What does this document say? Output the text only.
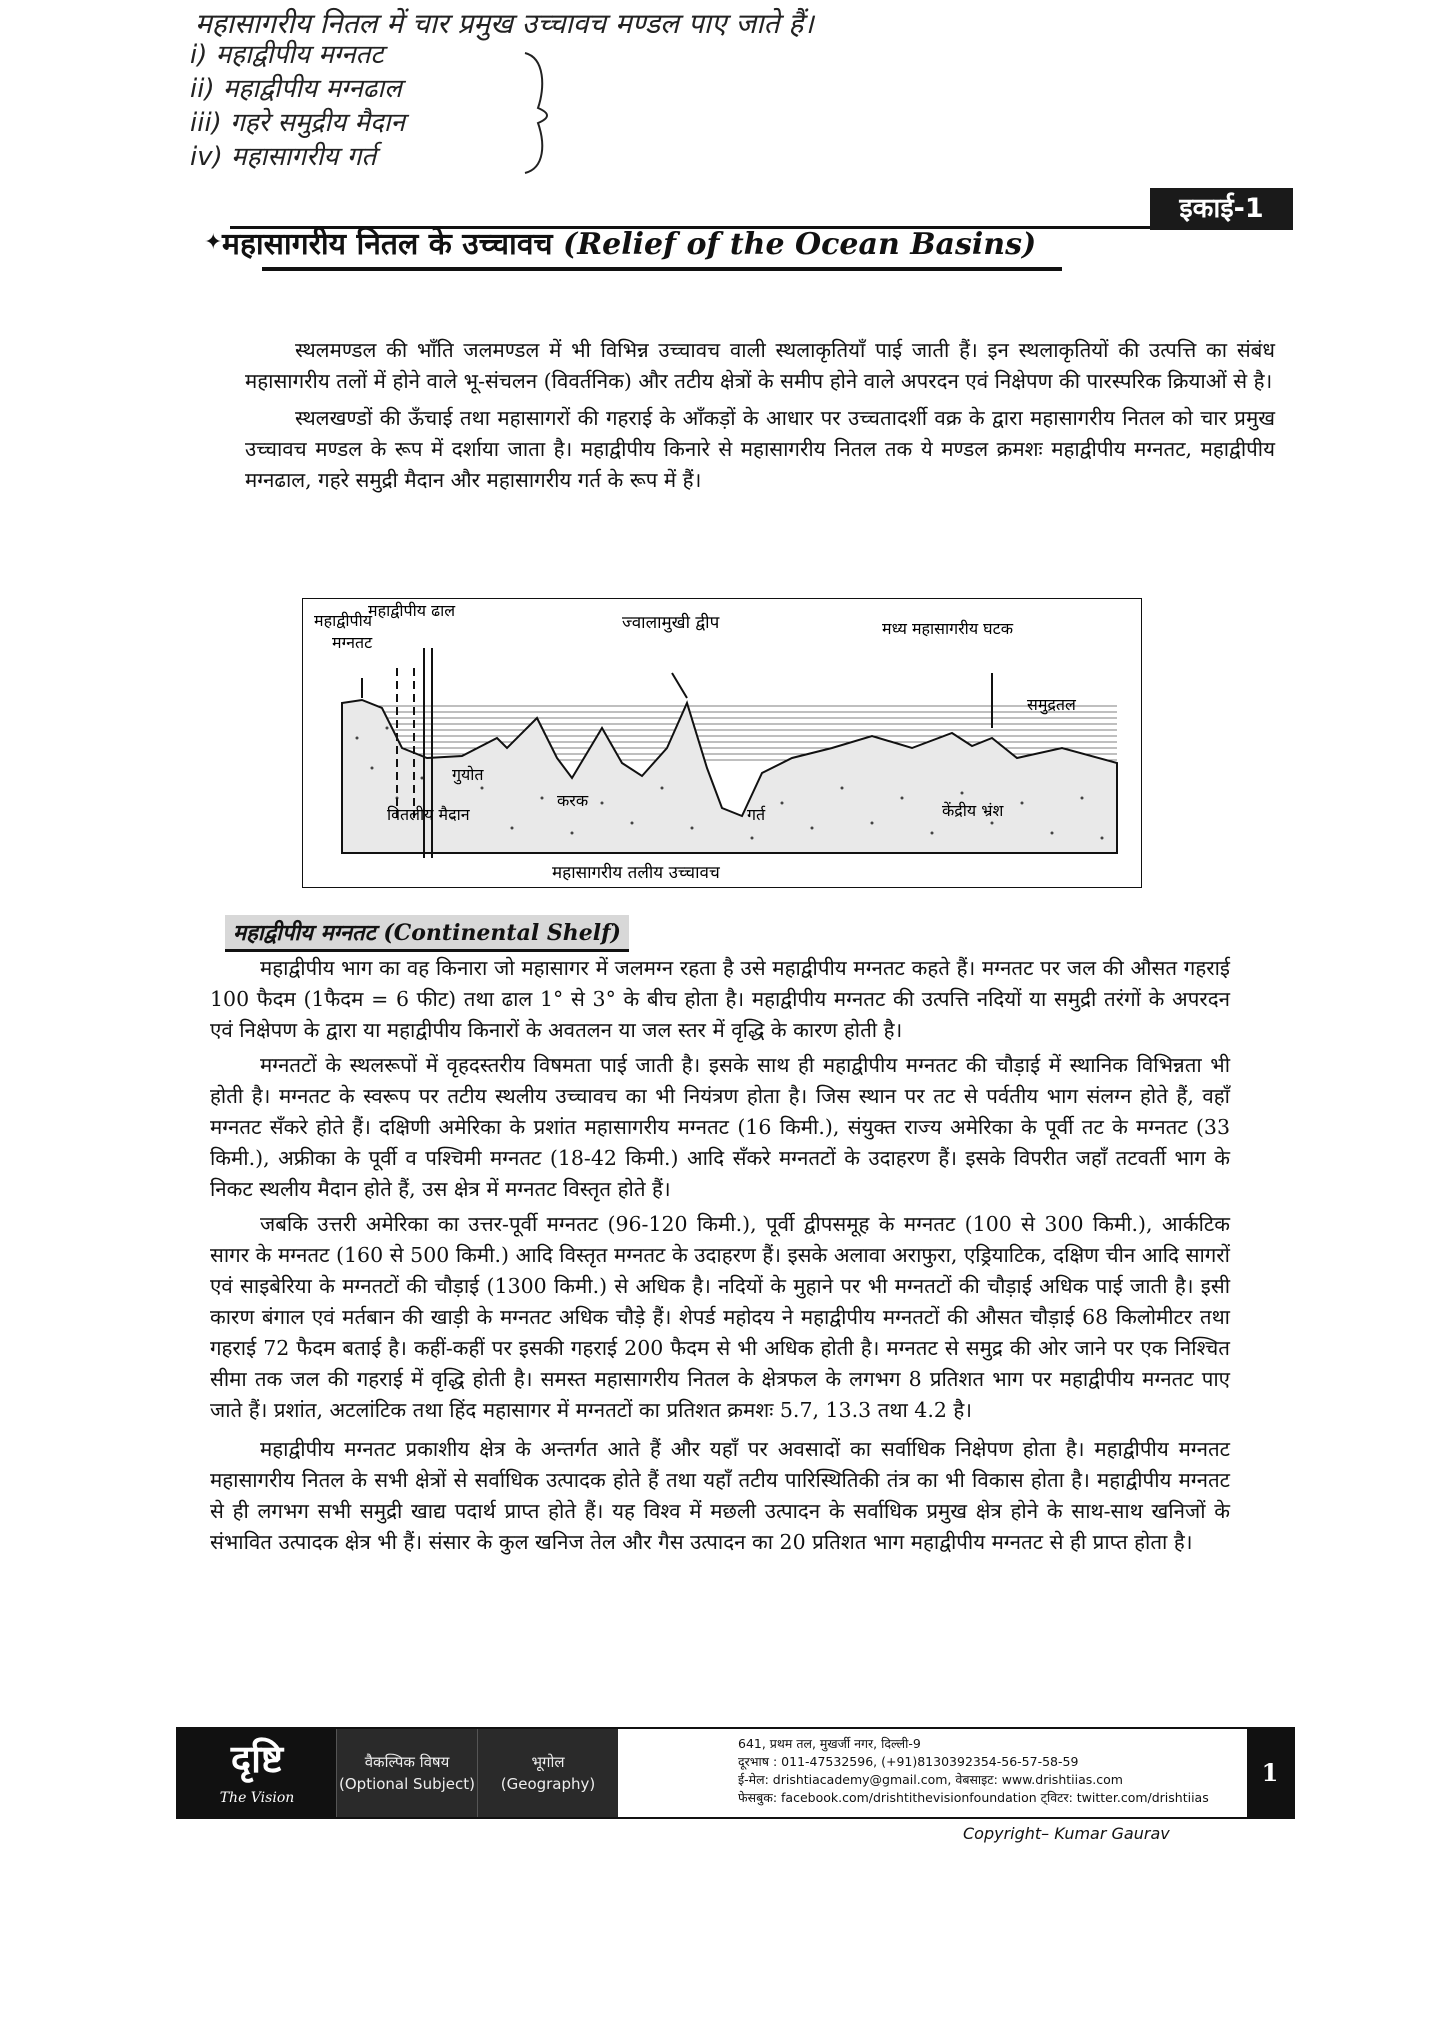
महासागरीय नितल में चार प्रमुख उच्चावच मण्डल पाए जाते हैं।
i) महाद्वीपीय मग्नतट
ii) महाद्वीपीय मग्नढाल
iii) गहरे समुद्रीय मैदान
iv) महासागरीय गर्त
इकाई-1
✦ महासागरीय नितल के उच्चावच (Relief of the Ocean Basins)

स्थलमण्डल की भाँति जलमण्डल में भी विभिन्न उच्चावच वाली स्थलाकृतियाँ पाई जाती हैं। इन स्थलाकृतियों की उत्पत्ति का संबंध महासागरीय तलों में होने वाले भू-संचलन (विवर्तनिक) और तटीय क्षेत्रों के समीप होने वाले अपरदन एवं निक्षेपण की पारस्परिक क्रियाओं से है।

स्थलखण्डों की ऊँचाई तथा महासागरों की गहराई के आँकड़ों के आधार पर उच्चतादर्शी वक्र के द्वारा महासागरीय नितल को चार प्रमुख उच्चावच मण्डल के रूप में दर्शाया जाता है। महाद्वीपीय किनारे से महासागरीय नितल तक ये मण्डल क्रमशः महाद्वीपीय मग्नतट, महाद्वीपीय मग्नढाल, गहरे समुद्री मैदान और महासागरीय गर्त के रूप में हैं।

महाद्वीपीय
मग्नतट
महाद्वीपीय ढाल
ज्वालामुखी द्वीप	मध्य महासागरीय घटक
समुद्रतल
गुयोत
वितलीय मैदान
करक
गर्त	केंद्रीय भ्रंश
महासागरीय तलीय उच्चावच
महाद्वीपीय मग्नतट (Continental Shelf)

महाद्वीपीय भाग का वह किनारा जो महासागर में जलमग्न रहता है उसे महाद्वीपीय मग्नतट कहते हैं। मग्नतट पर जल की औसत गहराई 100 फैदम (1फैदम = 6 फीट) तथा ढाल 1° से 3° के बीच होता है। महाद्वीपीय मग्नतट की उत्पत्ति नदियों या समुद्री तरंगों के अपरदन एवं निक्षेपण के द्वारा या महाद्वीपीय किनारों के अवतलन या जल स्तर में वृद्धि के कारण होती है।

मग्नतटों के स्थलरूपों में वृहदस्तरीय विषमता पाई जाती है। इसके साथ ही महाद्वीपीय मग्नतट की चौड़ाई में स्थानिक विभिन्नता भी होती है। मग्नतट के स्वरूप पर तटीय स्थलीय उच्चावच का भी नियंत्रण होता है। जिस स्थान पर तट से पर्वतीय भाग संलग्न होते हैं, वहाँ मग्नतट सँकरे होते हैं। दक्षिणी अमेरिका के प्रशांत महासागरीय मग्नतट (16 किमी.), संयुक्त राज्य अमेरिका के पूर्वी तट के मग्नतट (33 किमी.), अफ्रीका के पूर्वी व पश्चिमी मग्नतट (18-42 किमी.) आदि सँकरे मग्नतटों के उदाहरण हैं। इसके विपरीत जहाँ तटवर्ती भाग के निकट स्थलीय मैदान होते हैं, उस क्षेत्र में मग्नतट विस्तृत होते हैं।

जबकि उत्तरी अमेरिका का उत्तर-पूर्वी मग्नतट (96-120 किमी.), पूर्वी द्वीपसमूह के मग्नतट (100 से 300 किमी.), आर्कटिक सागर के मग्नतट (160 से 500 किमी.) आदि विस्तृत मग्नतट के उदाहरण हैं। इसके अलावा अराफुरा, एड्रियाटिक, दक्षिण चीन आदि सागरों एवं साइबेरिया के मग्नतटों की चौड़ाई (1300 किमी.) से अधिक है। नदियों के मुहाने पर भी मग्नतटों की चौड़ाई अधिक पाई जाती है। इसी कारण बंगाल एवं मर्तबान की खाड़ी के मग्नतट अधिक चौड़े हैं। शेपर्ड महोदय ने महाद्वीपीय मग्नतटों की औसत चौड़ाई 68 किलोमीटर तथा गहराई 72 फैदम बताई है। कहीं-कहीं पर इसकी गहराई 200 फैदम से भी अधिक होती है। मग्नतट से समुद्र की ओर जाने पर एक निश्चित सीमा तक जल की गहराई में वृद्धि होती है। समस्त महासागरीय नितल के क्षेत्रफल के लगभग 8 प्रतिशत भाग पर महाद्वीपीय मग्नतट पाए जाते हैं। प्रशांत, अटलांटिक तथा हिंद महासागर में मग्नतटों का प्रतिशत क्रमशः 5.7, 13.3 तथा 4.2 है।

महाद्वीपीय मग्नतट प्रकाशीय क्षेत्र के अन्तर्गत आते हैं और यहाँ पर अवसादों का सर्वाधिक निक्षेपण होता है। महाद्वीपीय मग्नतट महासागरीय नितल के सभी क्षेत्रों से सर्वाधिक उत्पादक होते हैं तथा यहाँ तटीय पारिस्थितिकी तंत्र का भी विकास होता है। महाद्वीपीय मग्नतट से ही लगभग सभी समुद्री खाद्य पदार्थ प्राप्त होते हैं। यह विश्व में मछली उत्पादन के सर्वाधिक प्रमुख क्षेत्र होने के साथ-साथ खनिजों के संभावित उत्पादक क्षेत्र भी हैं। संसार के कुल खनिज तेल और गैस उत्पादन का 20 प्रतिशत भाग महाद्वीपीय मग्नतट से ही प्राप्त होता है।

दृष्टि
The Vision
वैकल्पिक विषय
(Optional Subject)
भूगोल
(Geography)
641, प्रथम तल, मुखर्जी नगर, दिल्ली-9
दूरभाष : 011-47532596, (+91)8130392354-56-57-58-59
ई-मेल: drishtiacademy@gmail.com, वेबसाइट: www.drishtiias.com
फेसबुक: facebook.com/drishtithevisionfoundation ट्विटर: twitter.com/drishtiias
1
Copyright– Kumar Gaurav
